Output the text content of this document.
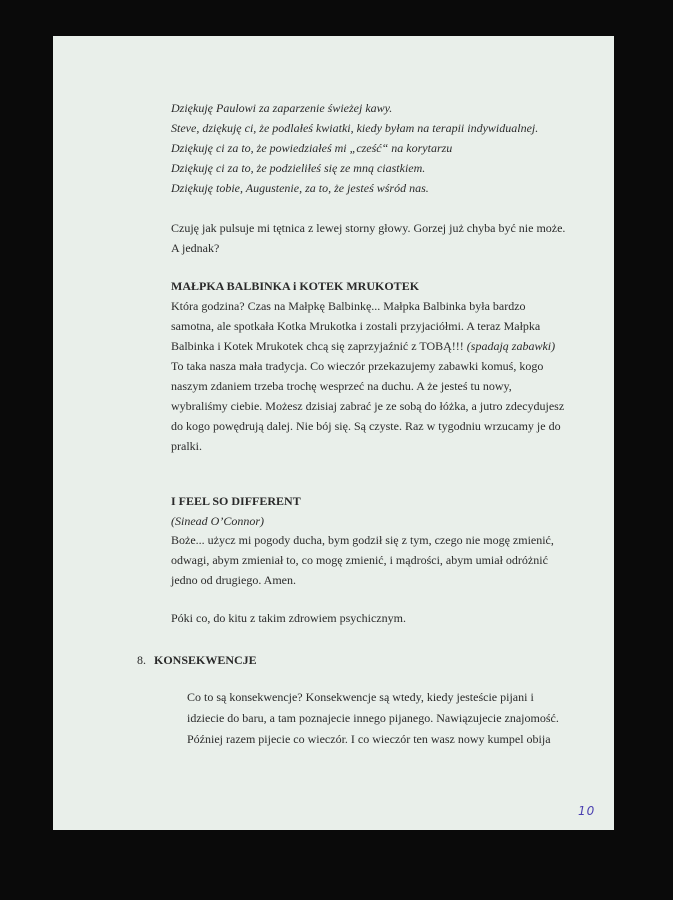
Dziękuję Paulowi za zaparzenie świeżej kawy.
Steve, dziękuję ci, że podlałeś kwiatki, kiedy byłam na terapii indywidualnej.
Dziękuję ci za to, że powiedziałeś mi „cześć“ na korytarzu
Dziękuję ci za to, że podzieliłeś się ze mną ciastkiem.
Dziękuję tobie, Augustenie, za to, że jesteś wśród nas.
Czuję jak pulsuje mi tętnica z lewej storny głowy. Gorzej już chyba być nie może.
A jednak?
MAŁPKA BALBINKA i KOTEK MRUKOTEK
Która godzina? Czas na Małpkę Balbinkę... Małpka Balbinka była bardzo
samotna, ale spotkała Kotka Mrukotka i zostali przyjaciółmi. A teraz Małpka
Balbinka i Kotek Mrukotek chcą się zaprzyjaźnić z TOBĄ!!! (spadają zabawki)
To taka nasza mała tradycja. Co wieczór przekazujemy zabawki komuś, kogo
naszym zdaniem trzeba trochę wesprzeć na duchu. A że jesteś tu nowy,
wybraliśmy ciebie. Możesz dzisiaj zabrać je ze sobą do łóżka, a jutro zdecydujesz
do kogo powędrują dalej. Nie bój się. Są czyste. Raz w tygodniu wrzucamy je do
pralki.
I FEEL SO DIFFERENT
(Sinead O’Connor)
Boże... użycz mi pogody ducha, bym godził się z tym, czego nie mogę zmienić,
odwagi, abym zmieniał to, co mogę zmienić, i mądrości, abym umiał odróżnić
jedno od drugiego. Amen.
Póki co, do kitu z takim zdrowiem psychicznym.
8. KONSEKWENCJE
Co to są konsekwencje? Konsekwencje są wtedy, kiedy jesteście pijani i
idziecie do baru, a tam poznajecie innego pijanego. Nawiązujecie znajomość.
Później razem pijecie co wieczór. I co wieczór ten wasz nowy kumpel obija
10
